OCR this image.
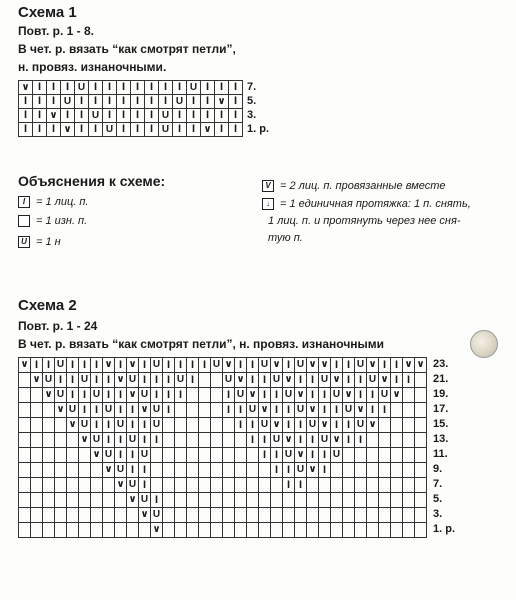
Схема 1
Повт. р. 1 - 8.
В чет. р. вязать “как смотрят петли”,
н. провяз. изнаночными.
∨	I	I	I	U	I	I	I	I	I	I	I	U	I	I	I
I	I	I	U	I	I	I	I	I	I	I	U	I	I	∨	I
I	I	∨	I	I	U	I	I	I	I	U	I	I	I	I	I
I	I	I	∨	I	I	U	I	I	I	U	I	I	∨	I	I
7.
5.
3.
1. р.
Объяснения к схеме:
I = 1 лиц. п.
= 1 изн. п.
U = 1 н
V = 2 лиц. п. провязанные вместе
↓ = 1 единичная протяжка: 1 п. снять,
1 лиц. п. и протянуть через нее сня-
тую п.
Схема 2
Повт. р. 1 - 24
В чет. р. вязать “как смотрят петли”, н. провяз. изнаночными
∨	I	I	U	I	I	I	∨	I	∨	I	U	I	I	I	I	U	∨	I	I	U	∨	I	U	∨	∨	I	I	U	∨	I	I	∨	∨
	∨	U	I	I	U	I	I	∨	U	I	I	I	U	I			U	∨	I	I	U	∨	I	I	U	∨	I	I	U	∨	I	I	
		∨	U	I	I	U	I	I	∨	U	I	I	I				I	U	∨	I	I	U	∨	I	I	U	∨	I	I	U	∨		
			∨	U	I	I	U	I	I	∨	U	I					I	I	U	∨	I	I	U	∨	I	I	U	∨	I	I			
				∨	U	I	I	U	I	I	U							I	I	U	∨	I	I	U	∨	I	I	U	∨				
					∨	U	I	I	U	I	I								I	I	U	∨	I	I	U	∨	I	I					
						∨	U	I	I	U										I	I	U	∨	I	I	U							
							∨	U	I	I											I	I	U	∨	I								
								∨	U	I												I	I										
									∨	U	I																						
										∨	U																						
											∨																						
23.
21.
19.
17.
15.
13.
11.
9.
7.
5.
3.
1. р.
